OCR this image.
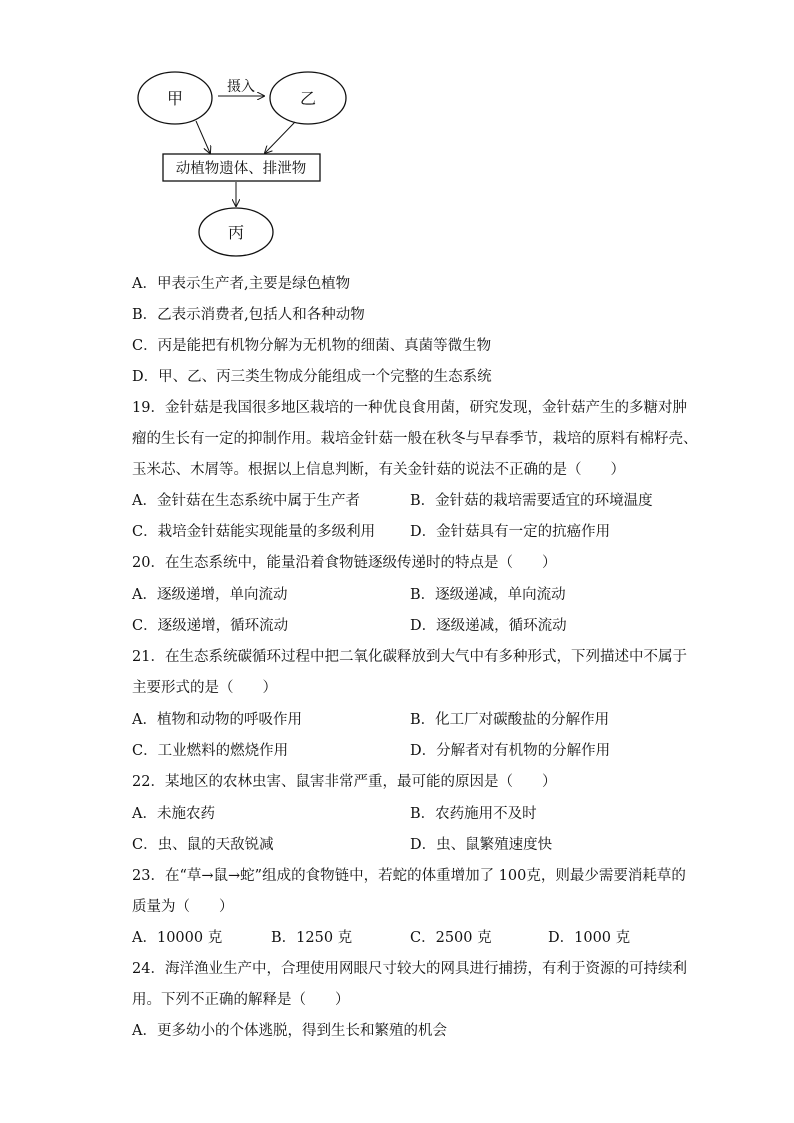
甲	乙
摄入
动植物遗体、排泄物
丙
A．甲表示生产者,主要是绿色植物
B．乙表示消费者,包括人和各种动物
C．丙是能把有机物分解为无机物的细菌、真菌等微生物
D．甲、乙、丙三类生物成分能组成一个完整的生态系统
19．金针菇是我国很多地区栽培的一种优良食用菌，研究发现，金针菇产生的多糖对肿
瘤的生长有一定的抑制作用。栽培金针菇一般在秋冬与早春季节，栽培的原料有棉籽壳、
玉米芯、木屑等。根据以上信息判断，有关金针菇的说法不正确的是（　　）
A．金针菇在生态系统中属于生产者	B．金针菇的栽培需要适宜的环境温度
C．栽培金针菇能实现能量的多级利用 D．金针菇具有一定的抗癌作用
20．在生态系统中，能量沿着食物链逐级传递时的特点是（　　）
A．逐级递增，单向流动	B．逐级递减，单向流动
C．逐级递增，循环流动	D．逐级递减，循环流动
21．在生态系统碳循环过程中把二氧化碳释放到大气中有多种形式，下列描述中不属于
主要形式的是（　　）
A．植物和动物的呼吸作用	B．化工厂对碳酸盐的分解作用
C．工业燃料的燃烧作用	D．分解者对有机物的分解作用
22．某地区的农林虫害、鼠害非常严重，最可能的原因是（　　）
A．未施农药	B．农药施用不及时
C．虫、鼠的天敌锐减	D．虫、鼠繁殖速度快
23．在“草→鼠→蛇”组成的食物链中，若蛇的体重增加了 100克，则最少需要消耗草的
质量为（　　）
A．10000 克	B．1250 克	C．2500 克	D．1000 克
24．海洋渔业生产中，合理使用网眼尺寸较大的网具进行捕捞，有利于资源的可持续利
用。下列不正确的解释是（　　）
A．更多幼小的个体逃脱，得到生长和繁殖的机会
